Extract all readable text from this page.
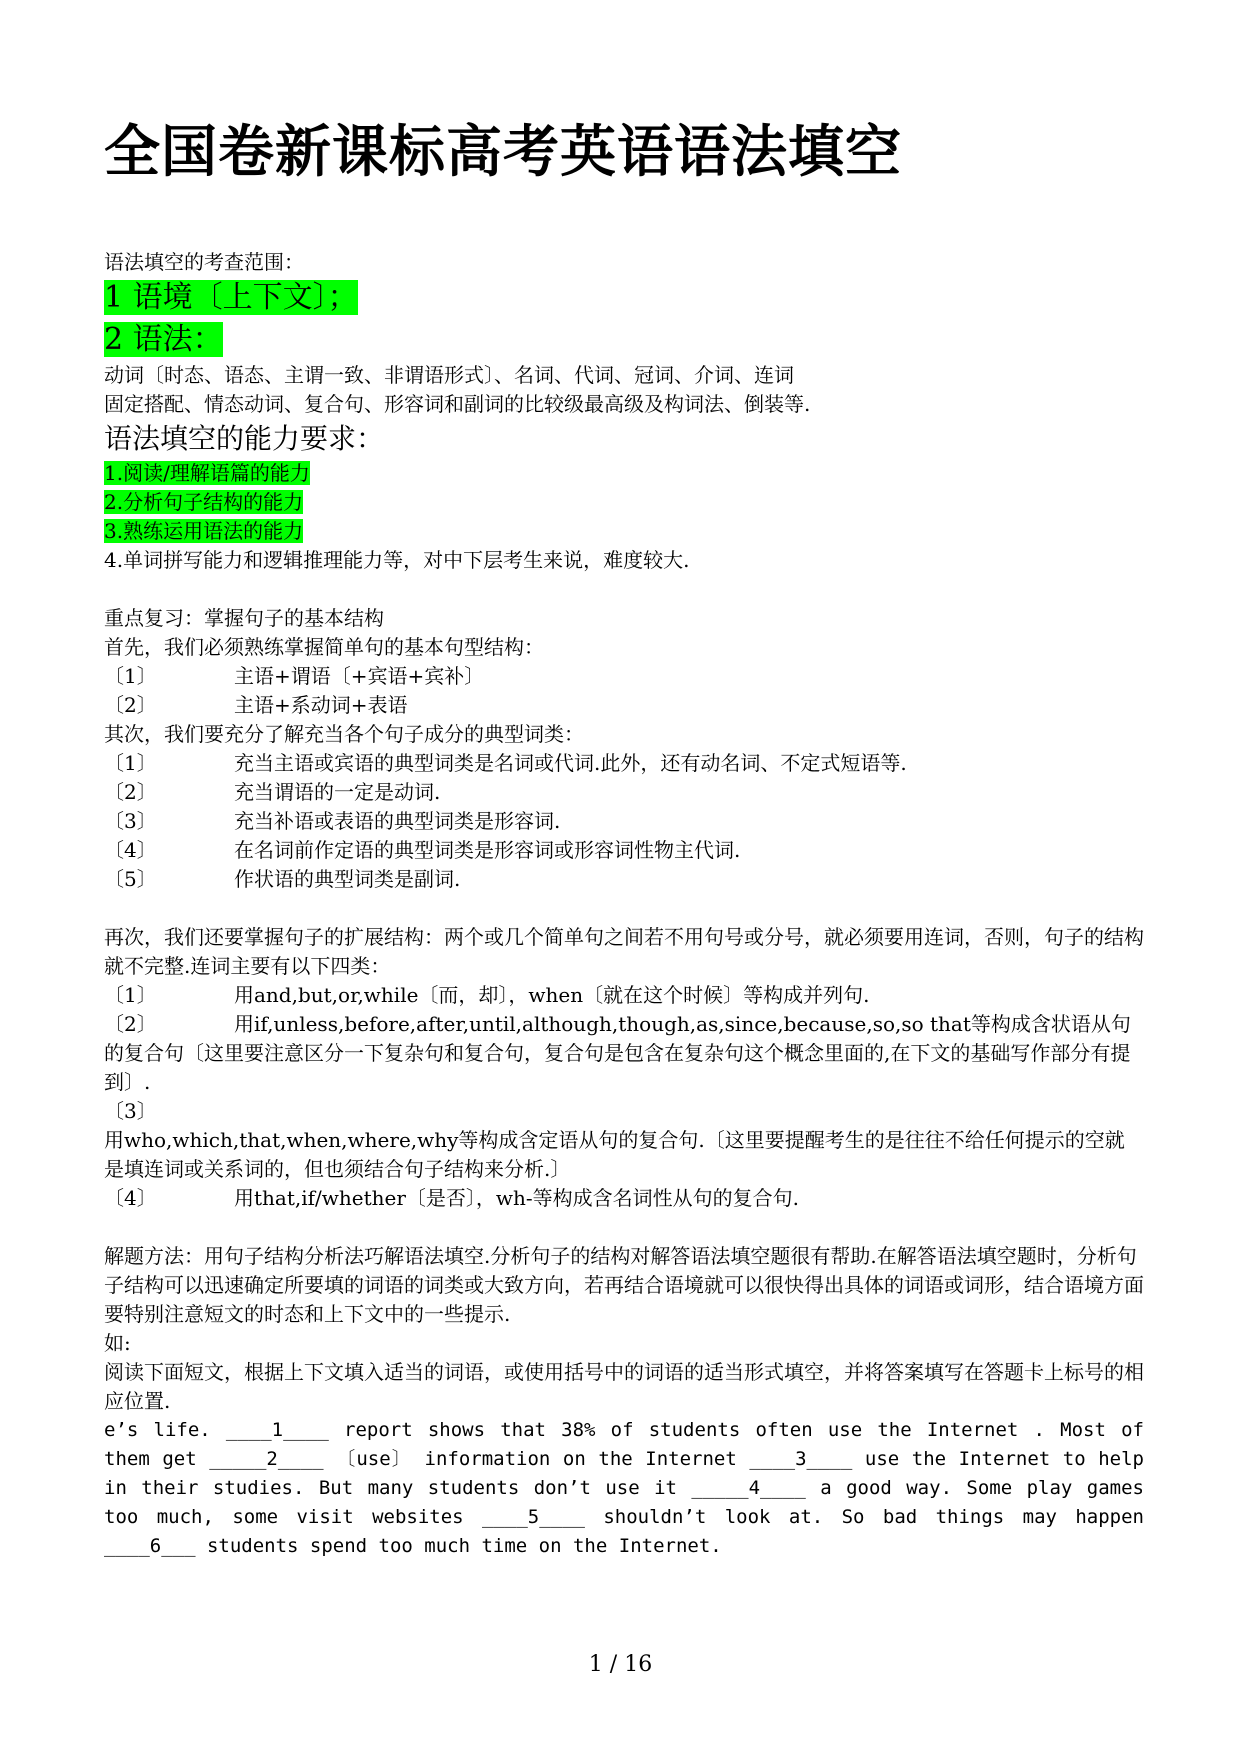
全国卷新课标高考英语语法填空
语法填空的考查范围：
1 语境〔上下文〕；
2 语法：
动词〔时态、语态、主谓一致、非谓语形式〕、名词、代词、冠词、介词、连词
固定搭配、情态动词、复合句、形容词和副词的比较级最高级及构词法、倒装等.
语法填空的能力要求：
1.阅读/理解语篇的能力
2.分析句子结构的能力
3.熟练运用语法的能力
4.单词拼写能力和逻辑推理能力等，对中下层考生来说，难度较大.
重点复习：掌握句子的基本结构
首先，我们必须熟练掌握简单句的基本句型结构：
〔1〕	主语+谓语〔+宾语+宾补〕
〔2〕	主语+系动词+表语
其次，我们要充分了解充当各个句子成分的典型词类：
〔1〕	充当主语或宾语的典型词类是名词或代词.此外，还有动名词、不定式短语等.
〔2〕	充当谓语的一定是动词.
〔3〕	充当补语或表语的典型词类是形容词.
〔4〕	在名词前作定语的典型词类是形容词或形容词性物主代词.
〔5〕	作状语的典型词类是副词.
再次，我们还要掌握句子的扩展结构：两个或几个简单句之间若不用句号或分号，就必须要用连词，否则，句子的结构就不完整.连词主要有以下四类：
〔1〕	用and,but,or,while〔而，却〕，when〔就在这个时候〕等构成并列句.
〔2〕	用if,unless,before,after,until,although,though,as,since,because,so,so that等构成含状语从句的复合句〔这里要注意区分一下复杂句和复合句，复合句是包含在复杂句这个概念里面的,在下文的基础写作部分有提到〕.
〔3〕
用who,which,that,when,where,why等构成含定语从句的复合句.〔这里要提醒考生的是往往不给任何提示的空就是填连词或关系词的，但也须结合句子结构来分析.〕
〔4〕	用that,if/whether〔是否〕，wh-等构成含名词性从句的复合句.
解题方法：用句子结构分析法巧解语法填空.分析句子的结构对解答语法填空题很有帮助.在解答语法填空题时，分析句子结构可以迅速确定所要填的词语的词类或大致方向，若再结合语境就可以很快得出具体的词语或词形，结合语境方面要特别注意短文的时态和上下文中的一些提示.
如:
阅读下面短文，根据上下文填入适当的词语，或使用括号中的词语的适当形式填空，并将答案填写在答题卡上标号的相应位置.
e’s life. ____1____ report shows that 38% of students often use the Internet . Most of them get _____2____ 〔use〕 information on the Internet ____3____ use the Internet to help in their studies. But many students don’t use it _____4____ a good way. Some play games too much, some visit websites ____5____ shouldn’t look at. So bad things may happen ____6___ students spend too much time on the Internet.
1 / 16
